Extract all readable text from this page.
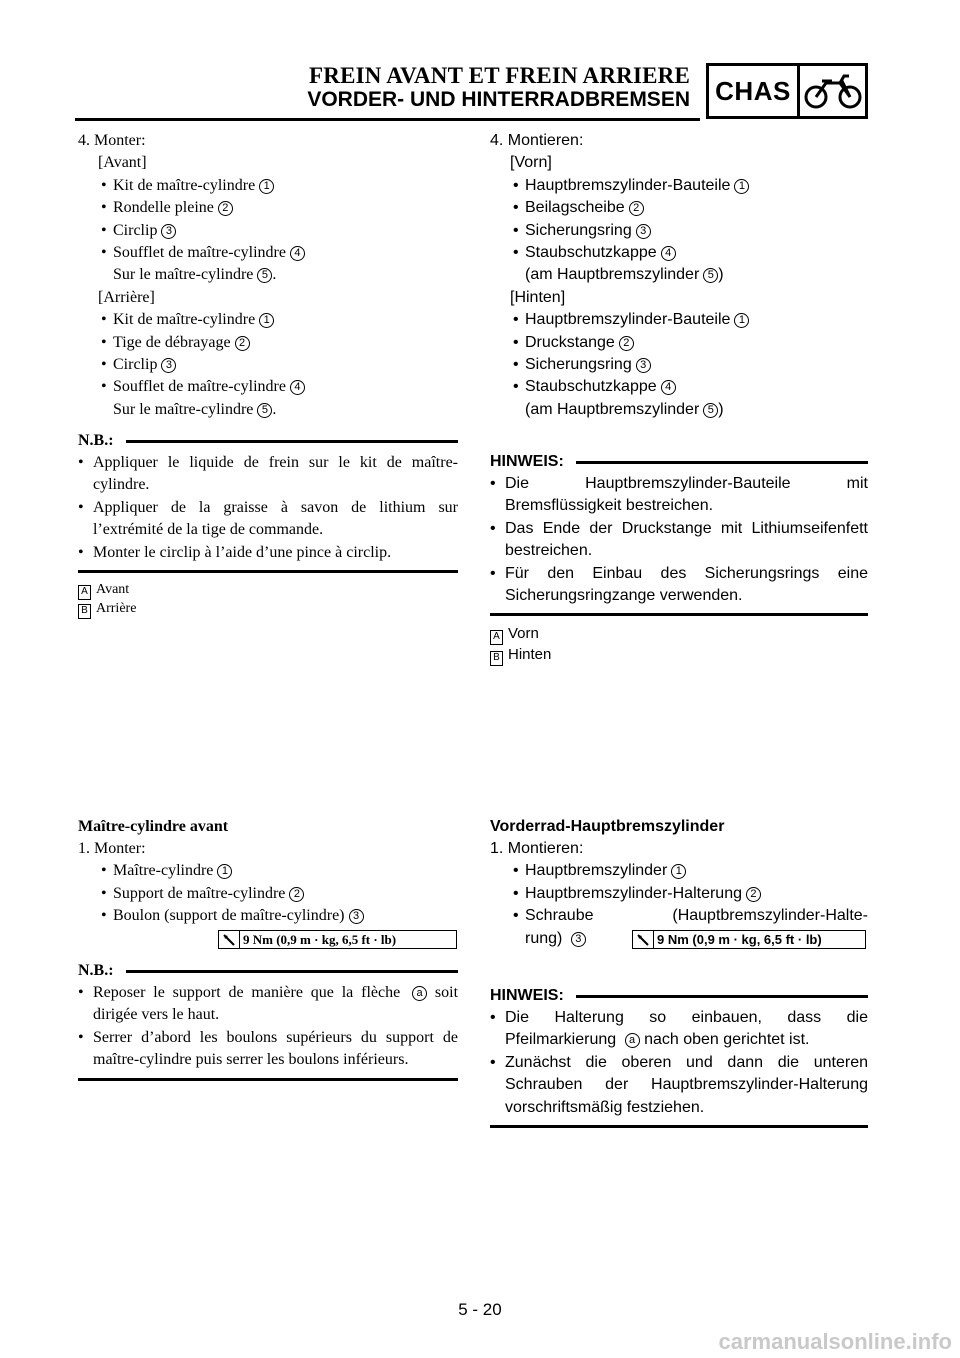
FREIN AVANT ET FREIN ARRIERE
VORDER- UND HINTERRADBREMSEN CHAS
4. Monter:
[Avant]
• Kit de maître-cylindre 1
• Rondelle pleine 2
• Circlip 3
• Soufflet de maître-cylindre 4
Sur le maître-cylindre 5 .
[Arrière]
• Kit de maître-cylindre 1
• Tige de débrayage 2
• Circlip 3
• Soufflet de maître-cylindre 4
Sur le maître-cylindre 5 .
N.B.:
• Appliquer le liquide de frein sur le kit de maître-cylindre.
• Appliquer de la graisse à savon de lithium sur l’extrémité de la tige de commande.
• Monter le circlip à l’aide d’une pince à circlip.
A Avant
B Arrière
Maître-cylindre avant
1. Monter:
• Maître-cylindre 1
• Support de maître-cylindre 2
• Boulon (support de maître-cylindre) 3
9 Nm (0,9 m · kg, 6,5 ft · lb)
N.B.:
• Reposer le support de manière que la flèche a soit dirigée vers le haut.
• Serrer d’abord les boulons supérieurs du support de maître-cylindre puis serrer les boulons inférieurs.
4. Montieren:
[Vorn]
• Hauptbremszylinder-Bauteile 1
• Beilagscheibe 2
• Sicherungsring 3
• Staubschutzkappe 4
(am Hauptbremszylinder 5 )
[Hinten]
• Hauptbremszylinder-Bauteile 1
• Druckstange 2
• Sicherungsring 3
• Staubschutzkappe 4
(am Hauptbremszylinder 5 )
HINWEIS:
• Die Hauptbremszylinder-Bauteile mit Bremsflüssigkeit bestreichen.
• Das Ende der Druckstange mit Lithiumseifenfett bestreichen.
• Für den Einbau des Sicherungsrings eine Sicherungsringzange verwenden.
A Vorn
B Hinten
Vorderrad-Hauptbremszylinder
1. Montieren:
• Hauptbremszylinder 1
• Hauptbremszylinder-Halterung 2
• Schraube	(Hauptbremszylinder-Halte-
rung) 3	9 Nm (0,9 m · kg, 6,5 ft · lb)
HINWEIS:
• Die Halterung so einbauen, dass die Pfeilmarkierung a nach oben gerichtet ist.
• Zunächst die oberen und dann die unteren Schrauben der Hauptbremszylinder-Halterung vorschriftsmäßig festziehen.
5 - 20
carmanualsonline.info
